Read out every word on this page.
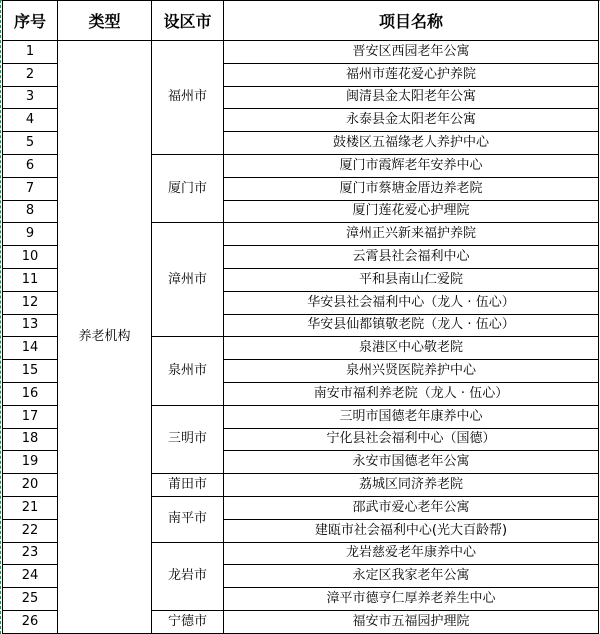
序号	类型	设区市	项目名称
1	养老机构	福州市	晋安区西园老年公寓
2			福州市莲花爱心护养院
3			闽清县金太阳老年公寓
4			永泰县金太阳老年公寓
5			鼓楼区五福缘老人养护中心
6		厦门市	厦门市霞辉老年安养中心
7			厦门市蔡塘金厝边养老院
8			厦门莲花爱心护理院
9		漳州市	漳州正兴新来福护养院
10			云霄县社会福利中心
11			平和县南山仁爱院
12			华安县社会福利中心（龙人 · 伍心）
13			华安县仙都镇敬老院（龙人 · 伍心）
14		泉州市	泉港区中心敬老院
15			泉州兴贤医院养护中心
16			南安市福利养老院（龙人 · 伍心）
17		三明市	三明市国德老年康养中心
18			宁化县社会福利中心（国德）
19			永安市国德老年公寓
20		莆田市	荔城区同济养老院
21		南平市	邵武市爱心老年公寓
22			建瓯市社会福利中心(光大百龄帮)
23		龙岩市	龙岩慈爱老年康养中心
24			永定区我家老年公寓
25			漳平市德亨仁厚养老养生中心
26		宁德市	福安市五福园护理院
